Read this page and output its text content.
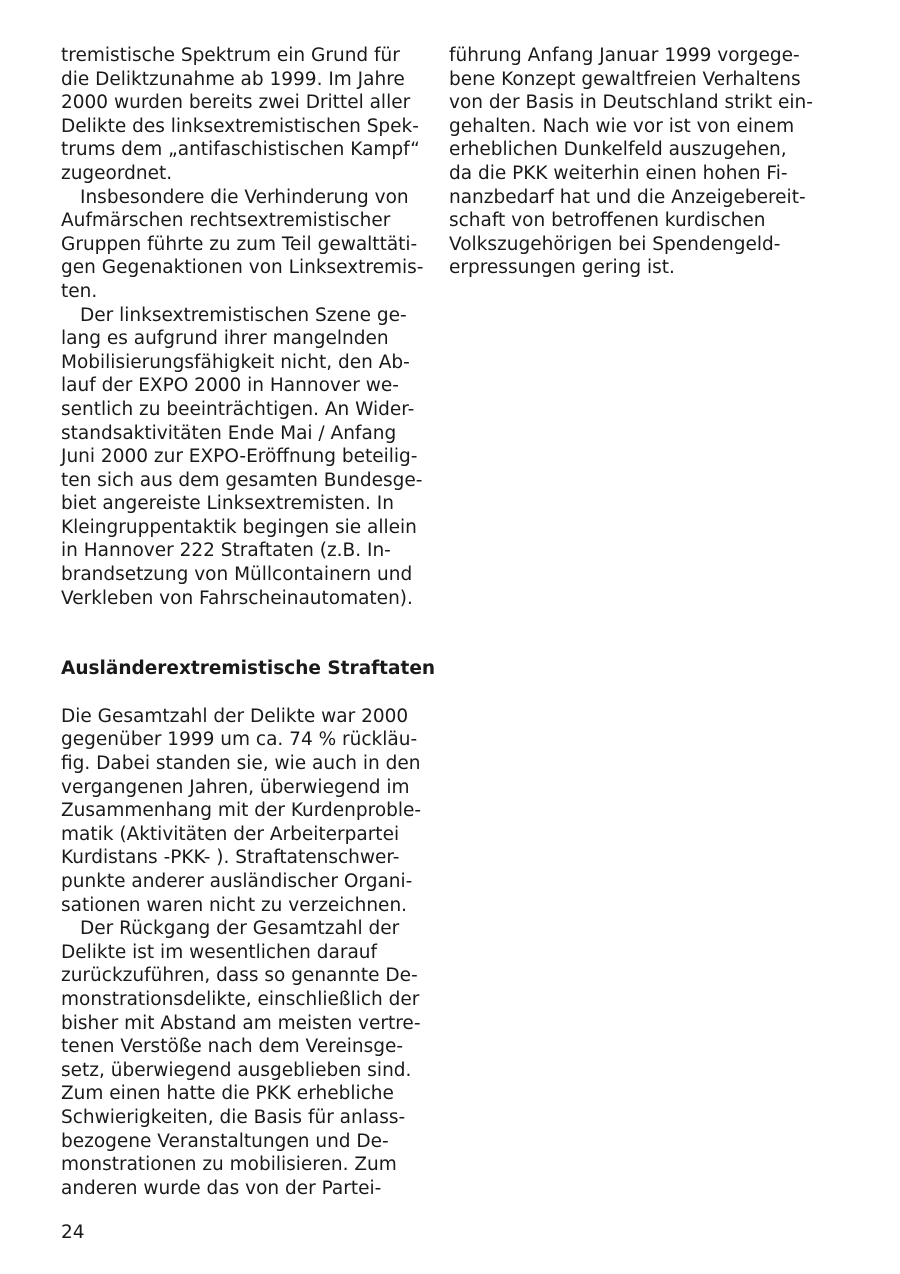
tremistische Spektrum ein Grund für
die Deliktzunahme ab 1999. Im Jahre
2000 wurden bereits zwei Drittel aller
Delikte des linksextremistischen Spek-
trums dem „antifaschistischen Kampf“
zugeordnet.
Insbesondere die Verhinderung von
Aufmärschen rechtsextremistischer
Gruppen führte zu zum Teil gewalttäti-
gen Gegenaktionen von Linksextremis-
ten.
Der linksextremistischen Szene ge-
lang es aufgrund ihrer mangelnden
Mobilisierungsfähigkeit nicht, den Ab-
lauf der EXPO 2000 in Hannover we-
sentlich zu beeinträchtigen. An Wider-
standsaktivitäten Ende Mai / Anfang
Juni 2000 zur EXPO-Eröffnung beteilig-
ten sich aus dem gesamten Bundesge-
biet angereiste Linksextremisten. In
Kleingruppentaktik begingen sie allein
in Hannover 222 Straftaten (z.B. In-
brandsetzung von Müllcontainern und
Verkleben von Fahrscheinautomaten).
Ausländerextremistische Straftaten
Die Gesamtzahl der Delikte war 2000
gegenüber 1999 um ca. 74 % rückläu-
fig. Dabei standen sie, wie auch in den
vergangenen Jahren, überwiegend im
Zusammenhang mit der Kurdenproble-
matik (Aktivitäten der Arbeiterpartei
Kurdistans -PKK- ). Straftatenschwer-
punkte anderer ausländischer Organi-
sationen waren nicht zu verzeichnen.
Der Rückgang der Gesamtzahl der
Delikte ist im wesentlichen darauf
zurückzuführen, dass so genannte De-
monstrationsdelikte, einschließlich der
bisher mit Abstand am meisten vertre-
tenen Verstöße nach dem Vereinsge-
setz, überwiegend ausgeblieben sind.
Zum einen hatte die PKK erhebliche
Schwierigkeiten, die Basis für anlass-
bezogene Veranstaltungen und De-
monstrationen zu mobilisieren. Zum
anderen wurde das von der Partei-
führung Anfang Januar 1999 vorgege-
bene Konzept gewaltfreien Verhaltens
von der Basis in Deutschland strikt ein-
gehalten. Nach wie vor ist von einem
erheblichen Dunkelfeld auszugehen,
da die PKK weiterhin einen hohen Fi-
nanzbedarf hat und die Anzeigebereit-
schaft von betroffenen kurdischen
Volkszugehörigen bei Spendengeld-
erpressungen gering ist.
24
